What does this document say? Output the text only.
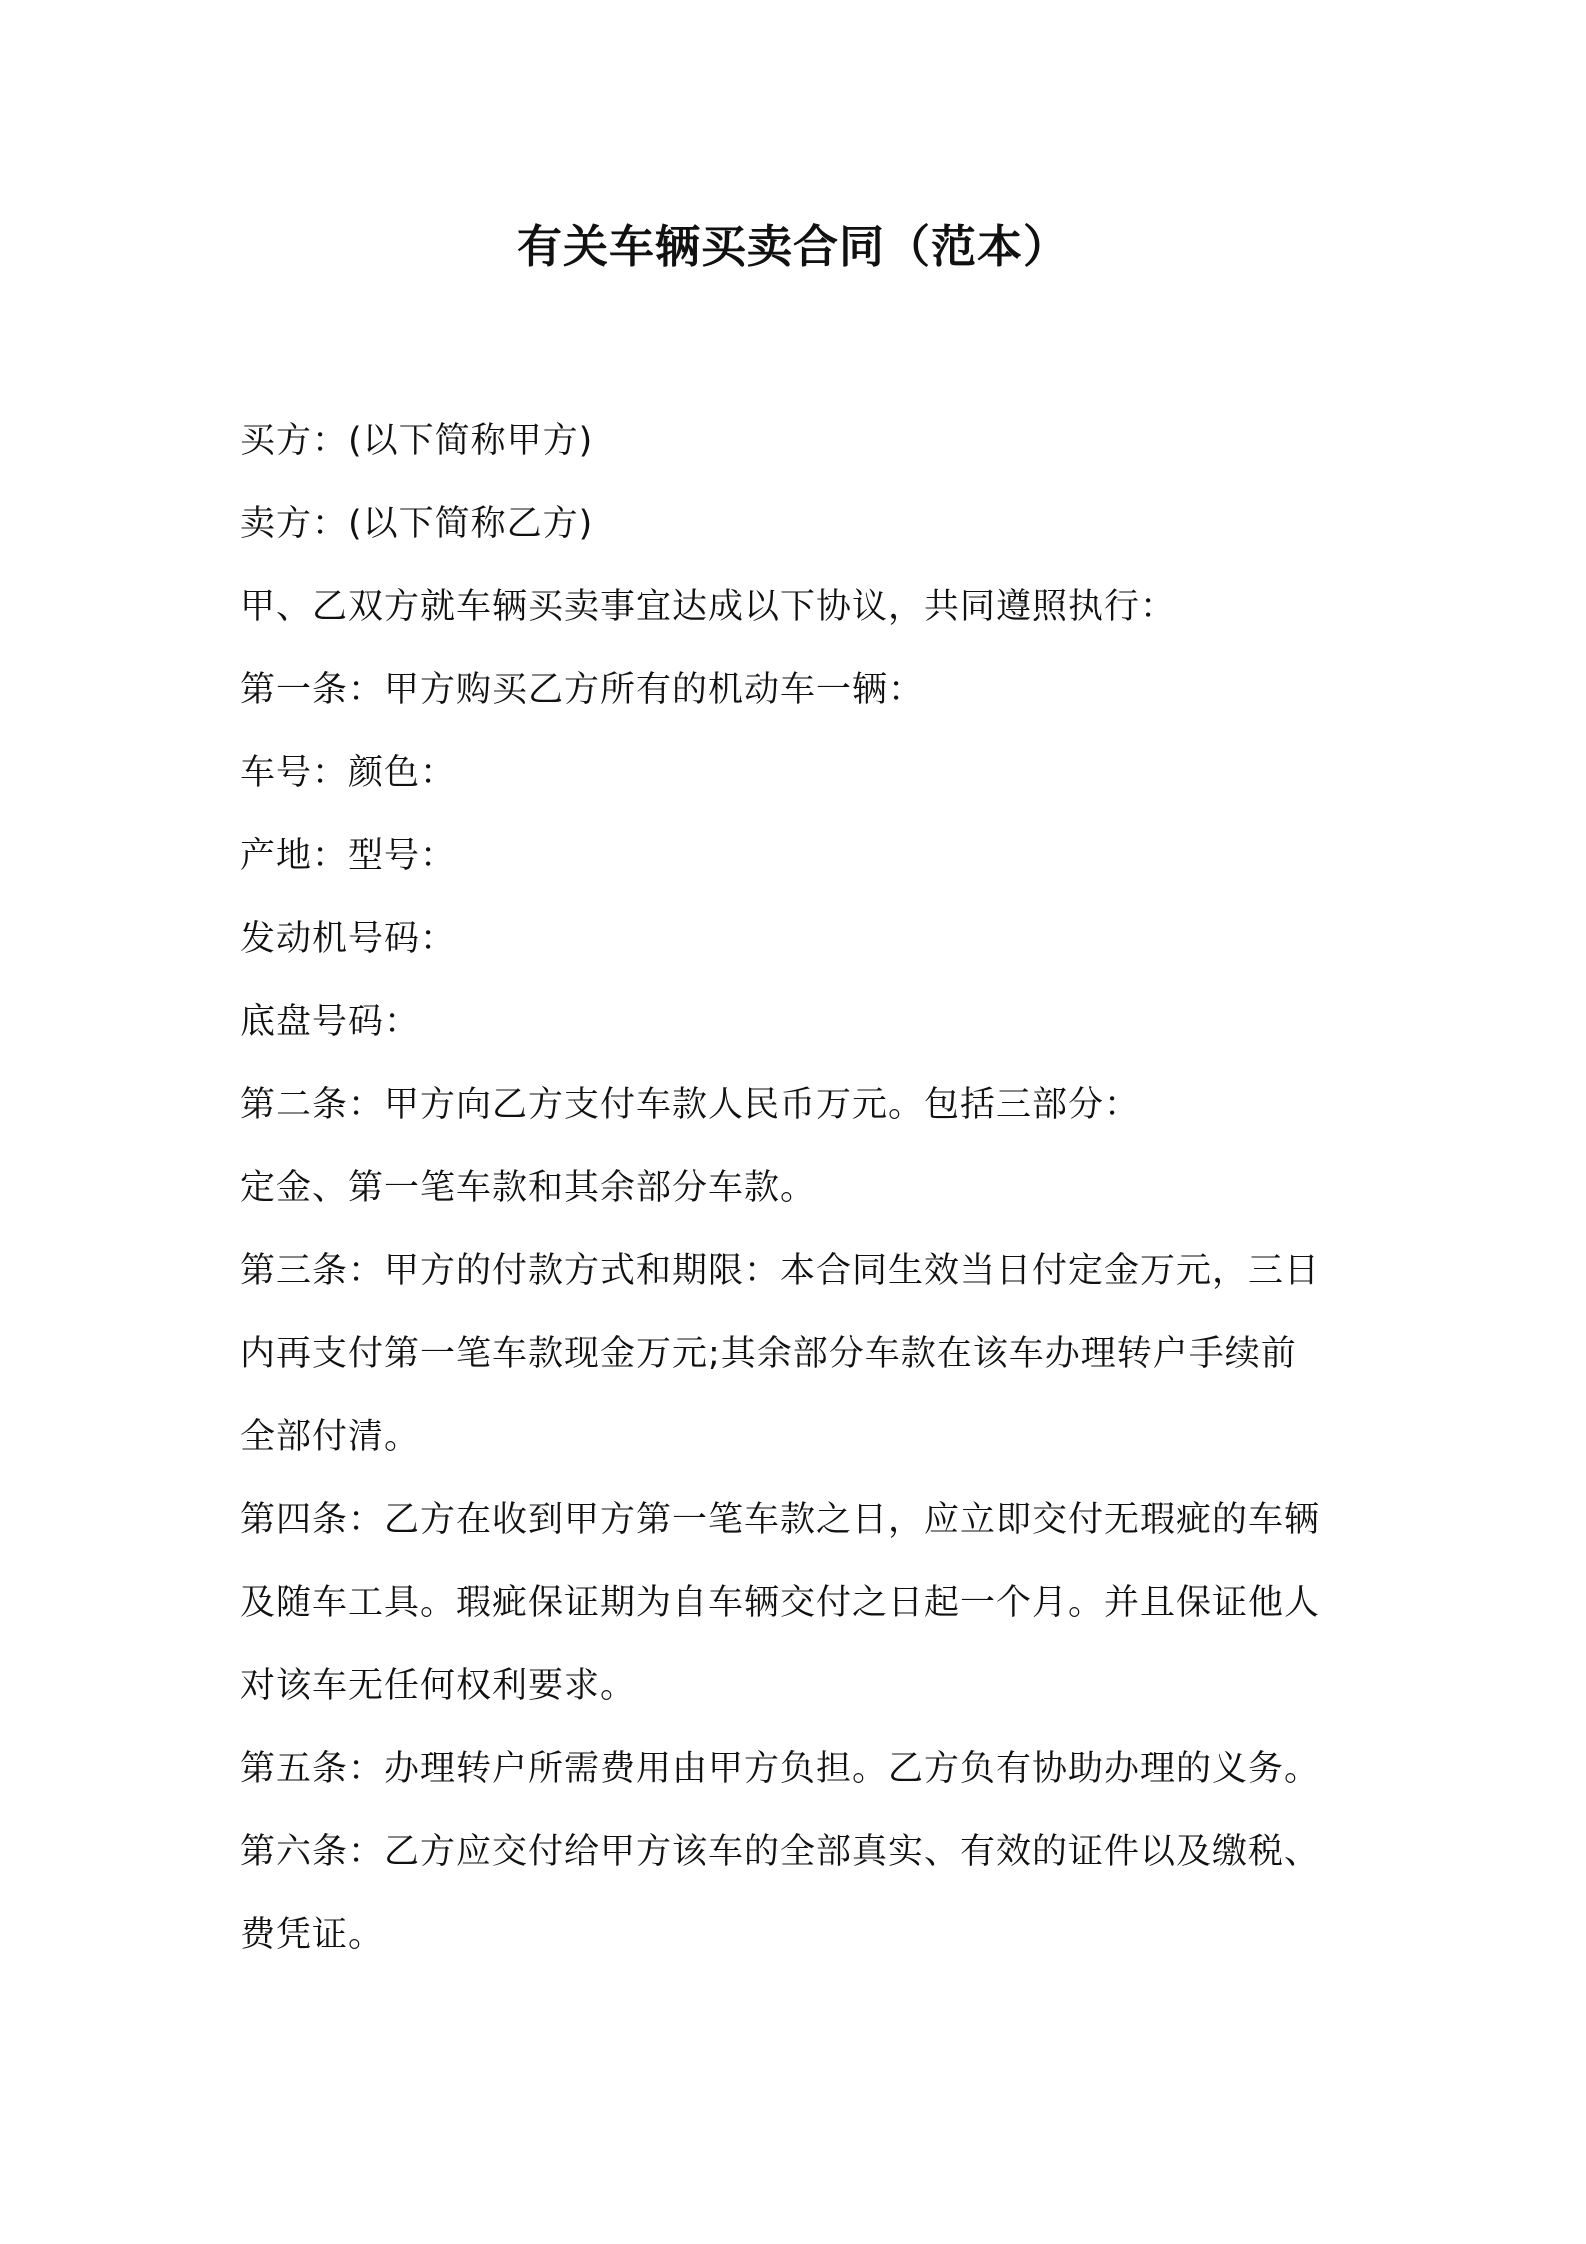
有关车辆买卖合同（范本）
买方：(以下简称甲方)
卖方：(以下简称乙方)
甲、乙双方就车辆买卖事宜达成以下协议，共同遵照执行：
第一条：甲方购买乙方所有的机动车一辆：
车号：颜色：
产地：型号：
发动机号码：
底盘号码：
第二条：甲方向乙方支付车款人民币万元。包括三部分：
定金、第一笔车款和其余部分车款。
第三条：甲方的付款方式和期限：本合同生效当日付定金万元，三日
内再支付第一笔车款现金万元;其余部分车款在该车办理转户手续前
全部付清。
第四条：乙方在收到甲方第一笔车款之日，应立即交付无瑕疵的车辆
及随车工具。瑕疵保证期为自车辆交付之日起一个月。并且保证他人
对该车无任何权利要求。
第五条：办理转户所需费用由甲方负担。乙方负有协助办理的义务。
第六条：乙方应交付给甲方该车的全部真实、有效的证件以及缴税、
费凭证。
